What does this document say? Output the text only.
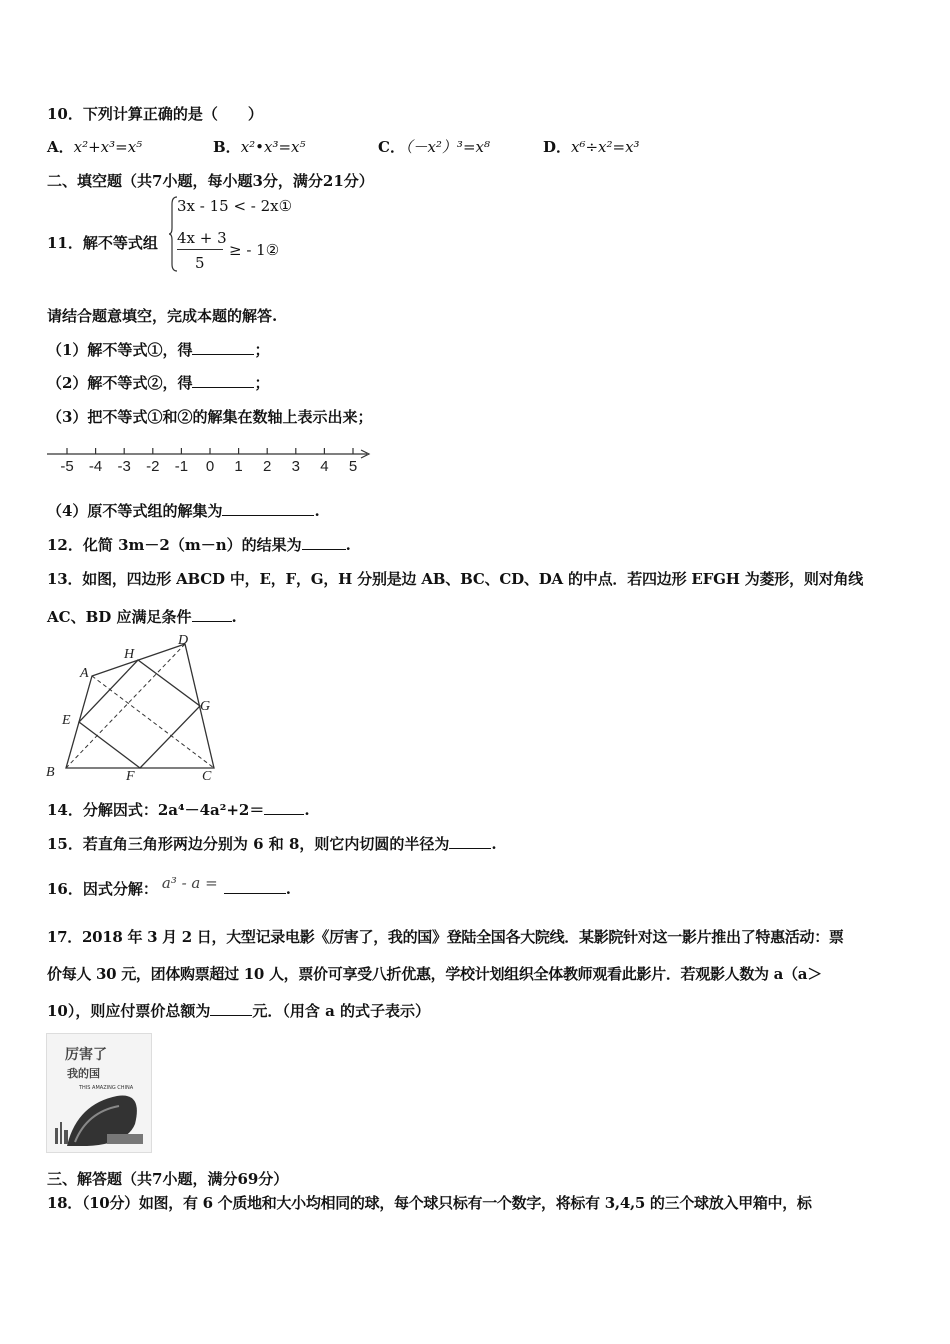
10．下列计算正确的是（　　）
A．x²+x³=x⁵	B．x²•x³=x⁵	C．（－x²）³=x⁸	D．x⁶÷x²=x³
二、填空题（共7小题，每小题3分，满分21分）
11．解不等式组
3x - 15 < - 2x①
4x + 3
5
≥ - 1②
请结合题意填空，完成本题的解答.
（1）解不等式①，得	；
（2）解不等式②，得	；
（3）把不等式①和②的解集在数轴上表示出来；
-5 -4 -3 -2 -1 0 1 2 3 4 5
（4）原不等式组的解集为	.
12．化简 3m－2（m－n）的结果为	.
13．如图，四边形 ABCD 中，E，F，G，H 分别是边 AB、BC、CD、DA 的中点．若四边形 EFGH 为菱形，则对角线
AC、BD 应满足条件	.
A
D
H
E
G
B	F	C
14．分解因式：2a⁴－4a²+2＝	.
15．若直角三角形两边分别为 6 和 8，则它内切圆的半径为	.
16．因式分解： a³ - a =	.
17．2018 年 3 月 2 日，大型记录电影《厉害了，我的国》登陆全国各大院线．某影院针对这一影片推出了特惠活动：票
价每人 30 元，团体购票超过 10 人，票价可享受八折优惠，学校计划组织全体教师观看此影片．若观影人数为 a（a＞
10），则应付票价总额为	元．（用含 a 的式子表示）
厉害了
我的国
THIS AMAZING CHINA
三、解答题（共7小题，满分69分）
18．（10分）如图，有 6 个质地和大小均相同的球，每个球只标有一个数字，将标有 3,4,5 的三个球放入甲箱中，标
